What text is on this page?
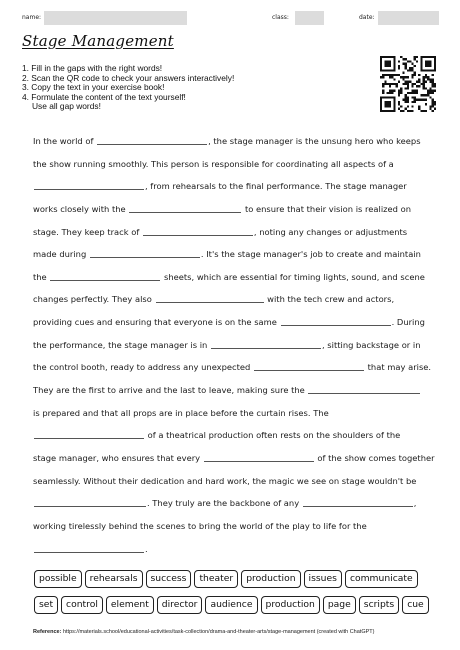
name:	class:	date:
Stage Management
1. Fill in the gaps with the right words!
2. Scan the QR code to check your answers interactively!
3. Copy the text in your exercise book!
4. Formulate the content of the text yourself!
Use all gap words!
In the world of	, the stage manager is the unsung hero who keeps
the show running smoothly. This person is responsible for coordinating all aspects of a
, from rehearsals to the final performance. The stage manager
works closely with the	to ensure that their vision is realized on
stage. They keep track of	, noting any changes or adjustments
made during	. It's the stage manager's job to create and maintain
the	sheets, which are essential for timing lights, sound, and scene
changes perfectly. They also	with the tech crew and actors,
providing cues and ensuring that everyone is on the same	. During
the performance, the stage manager is in	, sitting backstage or in
the control booth, ready to address any unexpected	that may arise.
They are the first to arrive and the last to leave, making sure the
is prepared and that all props are in place before the curtain rises. The
of a theatrical production often rests on the shoulders of the
stage manager, who ensures that every	of the show comes together
seamlessly. Without their dedication and hard work, the magic we see on stage wouldn't be
. They truly are the backbone of any	,
working tirelessly behind the scenes to bring the world of the play to life for the
.
possible	rehearsals	success	theater	production	issues	communicate
set	control	element	director	audience	production	page	scripts	cue
Reference: https://materials.school/educational-activities/task-collection/drama-and-theater-arts/stage-management (created with ChatGPT)
